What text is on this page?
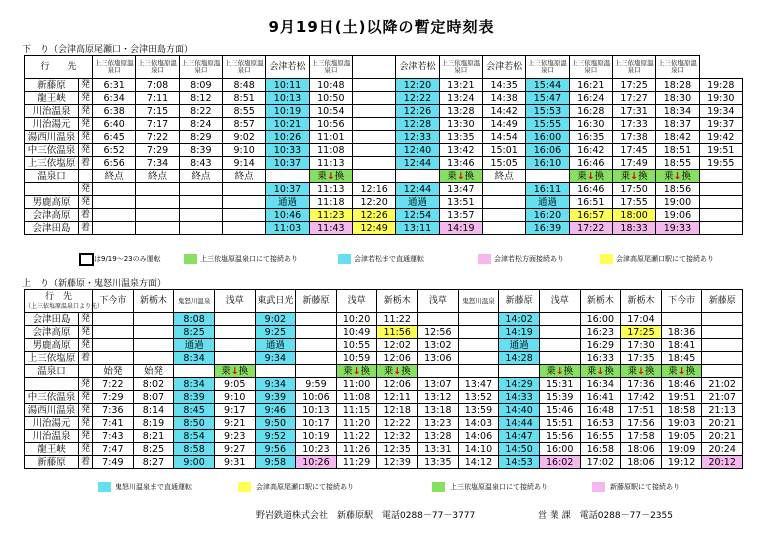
9月19日(土)以降の暫定時刻表
下　り（会津高原尾瀬口・会津田島方面）
行　　先		上三依塩原温泉口	上三依塩原温泉口	上三依塩原温泉口	上三依塩原温泉口	会津若松	上三依塩原温泉口		会津若松	上三依塩原温泉口	会津若松	上三依塩原温泉口	上三依塩原温泉口	上三依塩原温泉口	上三依塩原温泉口	
新藤原	発	6:31	7:08	8:09	8:48	10:11	10:48		12:20	13:21	14:35	15:44	16:21	17:25	18:28	19:28
龍王峡	発	6:34	7:11	8:12	8:51	10:13	10:50		12:22	13:24	14:38	15:47	16:24	17:27	18:30	19:30
川治温泉	発	6:38	7:15	8:22	8:55	10:19	10:54		12:26	13:28	14:42	15:53	16:28	17:31	18:34	19:34
川治湯元	発	6:40	7:17	8:24	8:57	10:21	10:56		12:28	13:30	14:49	15:55	16:30	17:33	18:37	19:37
湯西川温泉	発	6:45	7:22	8:29	9:02	10:26	11:01		12:33	13:35	14:54	16:00	16:35	17:38	18:42	19:42
中三依温泉	発	6:52	7:29	8:39	9:10	10:33	11:08		12:40	13:42	15:01	16:06	16:42	17:45	18:51	19:51
上三依塩原	着	6:56	7:34	8:43	9:14	10:37	11:13		12:44	13:46	15:05	16:10	16:46	17:49	18:55	19:55
温泉口		終点	終点	終点	終点		乗↓換			乗↓換	終点		乗↓換	乗↓換	乗↓換	
	発					10:37	11:13	12:16	12:44	13:47		16:11	16:46	17:50	18:56	
男鹿高原	発					通過	11:18	12:20	通過	13:51		通過	16:51	17:55	19:00	
会津高原	着					10:46	11:23	12:26	12:54	13:57		16:20	16:57	18:00	19:06	
会津田島	着					11:03	11:43	12:49	13:11	14:19		16:39	17:22	18:33	19:33	
は9/19～23のみ運転	上三依塩原温泉口にて接続あり	会津若松まで直通運転	会津若松方面接続あり	会津高原尾瀬口駅にて接続あり
上　り（新藤原・鬼怒川温泉方面）
行　先
（上三依塩原温泉口より先）		下今市	新栃木	鬼怒川温泉	浅草	東武日光	新藤原	浅草	新栃木	浅草	鬼怒川温泉	新藤原	浅草	新栃木	新栃木	下今市	新藤原
会津田島	発			8:08		9:02		10:20	11:22			14:02		16:00	17:04		
会津高原	発			8:25		9:25		10:49	11:56	12:56		14:19		16:23	17:25	18:36	
男鹿高原	発			通過		通過		10:55	12:02	13:02		通過		16:29	17:30	18:41	
上三依塩原	着			8:34		9:34		10:59	12:06	13:06		14:28		16:33	17:35	18:45	
温泉口		始発	始発		乗↓換			乗↓換	乗↓換				乗↓換	乗↓換	乗↓換	乗↓換	
	発	7:22	8:02	8:34	9:05	9:34	9:59	11:00	12:06	13:07	13:47	14:29	15:31	16:34	17:36	18:46	21:02
中三依温泉	発	7:29	8:07	8:39	9:10	9:39	10:06	11:08	12:11	13:12	13:52	14:33	15:39	16:41	17:42	19:51	21:07
湯西川温泉	発	7:36	8:14	8:45	9:17	9:46	10:13	11:15	12:18	13:18	13:59	14:40	15:46	16:48	17:51	18:58	21:13
川治湯元	発	7:41	8:19	8:50	9:21	9:50	10:17	11:20	12:22	13:23	14:03	14:44	15:51	16:53	17:56	19:03	20:21
川治温泉	発	7:43	8:21	8:54	9:23	9:52	10:19	11:22	12:32	13:28	14:06	14:47	15:56	16:55	17:58	19:05	20:21
龍王峡	発	7:47	8:25	8:58	9:27	9:56	10:23	11:26	12:35	13:31	14:10	14:50	16:00	16:58	18:06	19:09	20:24
新藤原	着	7:49	8:27	9:00	9:31	9:58	10:26	11:29	12:39	13:35	14:12	14:53	16:02	17:02	18:06	19:12	20:12
鬼怒川温泉まで直通運転	会津高原尾瀬口駅にて接続あり	上三依塩原温泉口にて接続あり	新藤原駅にて接続あり
野岩鉄道株式会社　新藤原駅　電話0288－77－3777	営 業 課　電話0288－77－2355
